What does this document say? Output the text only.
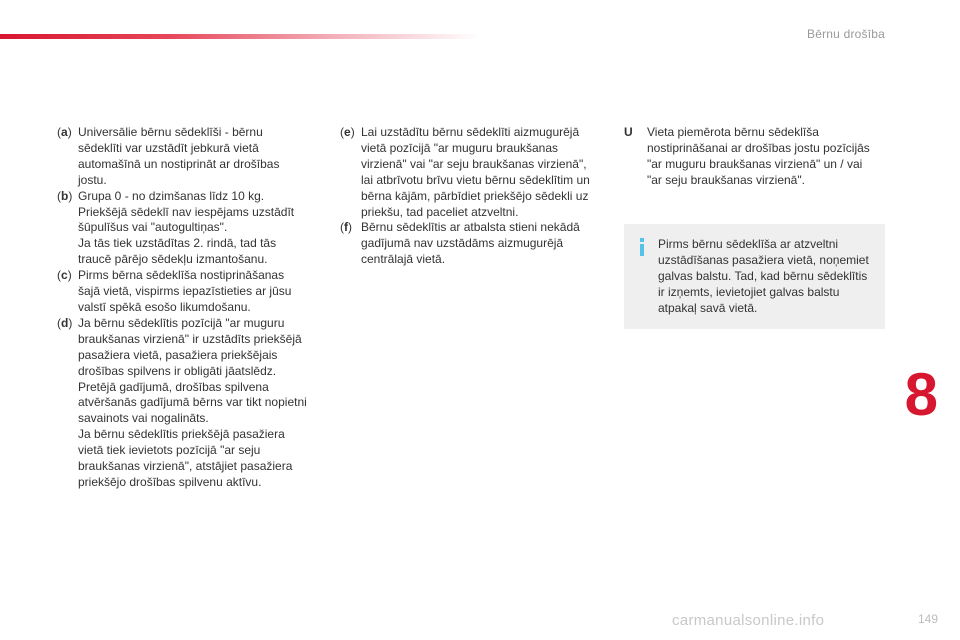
Bērnu drošība
(a) Universālie bērnu sēdeklīši - bērnu
sēdeklīti var uzstādīt jebkurā vietā
automašīnā un nostiprināt ar drošības
jostu.
(b) Grupa 0 - no dzimšanas līdz 10 kg.
Priekšējā sēdeklī nav iespējams uzstādīt
šūpulīšus vai "autogultiņas".
Ja tās tiek uzstādītas 2. rindā, tad tās
traucē pārējo sēdekļu izmantošanu.
(c) Pirms bērna sēdeklīša nostiprināšanas
šajā vietā, vispirms iepazīstieties ar jūsu
valstī spēkā esošo likumdošanu.
(d) Ja bērnu sēdeklītis pozīcijā "ar muguru
braukšanas virzienā" ir uzstādīts priekšējā
pasažiera vietā, pasažiera priekšējais
drošības spilvens ir obligāti jāatslēdz.
Pretējā gadījumā, drošības spilvena
atvēršanās gadījumā bērns var tikt nopietni
savainots vai nogalināts.
Ja bērnu sēdeklītis priekšējā pasažiera
vietā tiek ievietots pozīcijā "ar seju
braukšanas virzienā", atstājiet pasažiera
priekšējo drošības spilvenu aktīvu.
(e) Lai uzstādītu bērnu sēdeklīti aizmugurējā
vietā pozīcijā "ar muguru braukšanas
virzienā" vai "ar seju braukšanas virzienā",
lai atbrīvotu brīvu vietu bērnu sēdeklītim un
bērna kājām, pārbīdiet priekšējo sēdekli uz
priekšu, tad paceliet atzveltni.
(f) Bērnu sēdeklītis ar atbalsta stieni nekādā
gadījumā nav uzstādāms aizmugurējā
centrālajā vietā.
U	Vieta piemērota bērnu sēdeklīša
nostiprināšanai ar drošības jostu pozīcijās
"ar muguru braukšanas virzienā" un / vai
"ar seju braukšanas virzienā".
Pirms bērnu sēdeklīša ar atzveltni
uzstādīšanas pasažiera vietā, noņemiet
galvas balstu. Tad, kad bērnu sēdeklītis
ir izņemts, ievietojiet galvas balstu
atpakaļ savā vietā.
8
carmanualsonline.info	149
